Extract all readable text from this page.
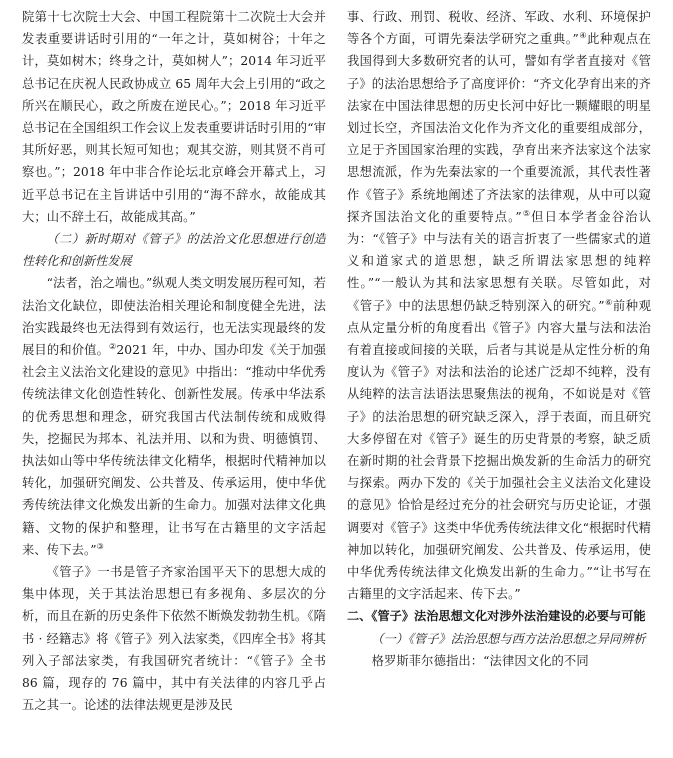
院第十七次院士大会、中国工程院第十二次院士大会并发表重要讲话时引用的“一年之计，莫如树谷；十年之计，莫如树木；终身之计，莫如树人”；2014 年习近平总书记在庆祝人民政协成立 65 周年大会上引用的“政之所兴在顺民心，政之所废在逆民心。”；2018 年习近平总书记在全国组织工作会议上发表重要讲话时引用的“审其所好恶，则其长短可知也；观其交游，则其贤不肖可察也。”；2018 年中非合作论坛北京峰会开幕式上，习近平总书记在主旨讲话中引用的“海不辞水，故能成其大；山不辞土石，故能成其高。”

（二）新时期对《管子》的法治文化思想进行创造性转化和创新性发展

“法者，治之端也。”纵观人类文明发展历程可知，若法治文化缺位，即使法治相关理论和制度健全先进，法治实践最终也无法得到有效运行，也无法实现最终的发展目的和价值。②2021 年，中办、国办印发《关于加强社会主义法治文化建设的意见》中指出：“推动中华优秀传统法律文化创造性转化、创新性发展。传承中华法系的优秀思想和理念，研究我国古代法制传统和成败得失，挖掘民为邦本、礼法并用、以和为贵、明德慎罚、执法如山等中华传统法律文化精华，根据时代精神加以转化，加强研究阐发、公共普及、传承运用，使中华优秀传统法律文化焕发出新的生命力。加强对法律文化典籍、文物的保护和整理，让书写在古籍里的文字活起来、传下去。”③

《管子》一书是管子齐家治国平天下的思想大成的集中体现，关于其法治思想已有多视角、多层次的分析，而且在新的历史条件下依然不断焕发勃勃生机。《隋书 · 经籍志》将《管子》列入法家类，《四库全书》将其列入子部法家类，有我国研究者统计：“《管子》全书 86 篇，现存的 76 篇中，其中有关法律的内容几乎占五之其一。论述的法律法规更是涉及民

事、行政、刑罚、税收、经济、军政、水利、环境保护等各个方面，可谓先秦法学研究之重典。”④此种观点在我国得到大多数研究者的认可，譬如有学者直接对《管子》的法治思想给予了高度评价：“齐文化孕育出来的齐法家在中国法律思想的历史长河中好比一颗耀眼的明星划过长空，齐国法治文化作为齐文化的重要组成部分，立足于齐国国家治理的实践，孕育出来齐法家这个法家思想流派，作为先秦法家的一个重要流派，其代表性著作《管子》系统地阐述了齐法家的法律观，从中可以窥探齐国法治文化的重要特点。”⑤但日本学者金谷治认为：“《管子》中与法有关的语言折衷了一些儒家式的道义和道家式的道思想，缺乏所谓法家思想的纯粹性。”“一般认为其和法家思想有关联。尽管如此，对《管子》中的法思想仍缺乏特别深入的研究。”⑥前种观点从定量分析的角度看出《管子》内容大量与法和法治有着直接或间接的关联，后者与其说是从定性分析的角度认为《管子》对法和法治的论述广泛却不纯粹，没有从纯粹的法言法语法思聚焦法的视角，不如说是对《管子》的法治思想的研究缺乏深入，浮于表面，而且研究大多停留在对《管子》诞生的历史背景的考察，缺乏质在新时期的社会背景下挖掘出焕发新的生命活力的研究与探索。两办下发的《关于加强社会主义法治文化建设的意见》恰恰是经过充分的社会研究与历史论证，才强调要对《管子》这类中华优秀传统法律文化“根据时代精神加以转化，加强研究阐发、公共普及、传承运用，使中华优秀传统法律文化焕发出新的生命力。”“让书写在古籍里的文字活起来、传下去。”

二、《管子》法治思想文化对涉外法治建设的必要与可能
（一）《管子》法治思想与西方法治思想之异同辨析

格罗斯菲尔德指出：“法律因文化的不同
